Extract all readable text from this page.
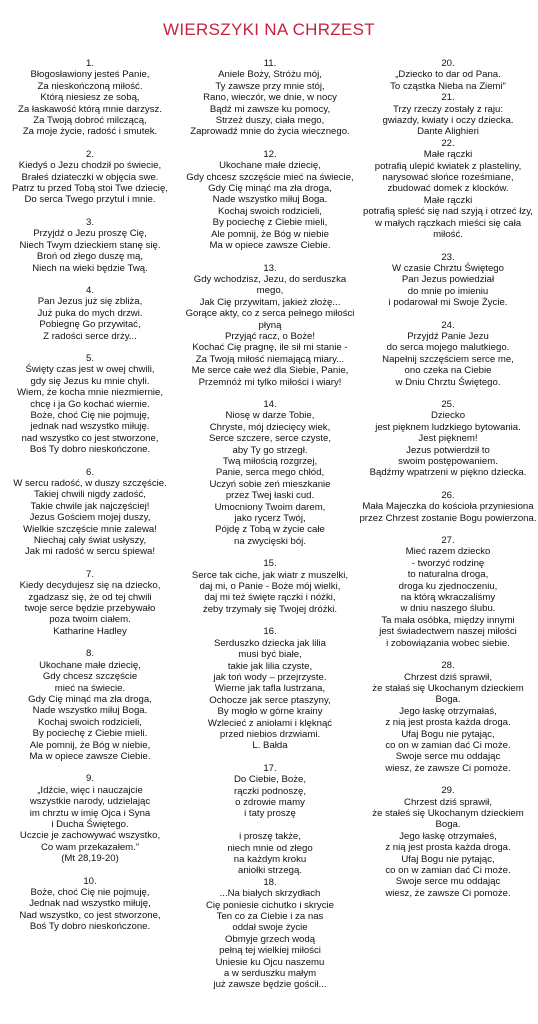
WIERSZYKI NA CHRZEST
1.
Błogosławiony jesteś Panie,
Za nieskończoną miłość.
Którą niesiesz ze sobą,
Za łaskawość którą mnie darzysz.
Za Twoją dobroć milczącą,
Za moje życie, radość i smutek.
2.
Kiedyś o Jezu chodził po świecie,
Brałeś dziateczki w objęcia swe.
Patrz tu przed Tobą stoi Twe dziecię,
Do serca Twego przytul i mnie.
3.
Przyjdź o Jezu proszę Cię,
Niech Twym dzieckiem stanę się.
Broń od złego duszę mą,
Niech na wieki będzie Twą.
4.
Pan Jezus już się zbliża,
Już puka do mych drzwi.
Pobiegnę Go przywitać,
Z radości serce drży...
5.
Święty czas jest w owej chwili,
gdy się Jezus ku mnie chyli.
Wiem, że kocha mnie niezmiernie,
chcę i ja Go kochać wiernie.
Boże, choć Cię nie pojmuję,
jednak nad wszystko miłuję.
nad wszystko co jest stworzone,
Boś Ty dobro nieskończone.
6.
W sercu radość, w duszy szczęście.
Takiej chwili nigdy zadość,
Takie chwile jak najczęściej!
Jezus Gościem mojej duszy,
Wielkie szczęście mnie zalewa!
Niechaj cały świat usłyszy,
Jak mi radość w sercu śpiewa!
7.
Kiedy decydujesz się na dziecko,
zgadzasz się, że od tej chwili
twoje serce będzie przebywało
poza twoim ciałem.
Katharine Hadley
8.
Ukochane małe dziecię,
Gdy chcesz szczęście
mieć na świecie.
Gdy Cię minąć ma zła droga,
Nade wszystko miłuj Boga.
Kochaj swoich rodzicieli,
By pociechę z Ciebie mieli.
Ale pomnij, że Bóg w niebie,
Ma w opiece zawsze Ciebie.
9.
„Idźcie, więc i nauczajcie
wszystkie narody, udzielając
im chrztu w imię Ojca i Syna
i Ducha Świętego.
Uczcie je zachowywać wszystko,
Co wam przekazałem.”
(Mt 28,19-20)
10.
Boże, choć Cię nie pojmuję,
Jednak nad wszystko miłuję,
Nad wszystko, co jest stworzone,
Boś Ty dobro nieskończone.
11.
Aniele Boży, Stróżu mój,
Ty zawsze przy mnie stój,
Rano, wieczór, we dnie, w nocy
Bądź mi zawsze ku pomocy,
Strzeż duszy, ciała mego,
Zaprowadź mnie do życia wiecznego.
12.
Ukochane małe dziecię,
Gdy chcesz szczęście mieć na świecie,
Gdy Cię minąć ma zła droga,
Nade wszystko miłuj Boga.
Kochaj swoich rodzicieli,
By pociechę z Ciebie mieli,
Ale pomnij, że Bóg w niebie
Ma w opiece zawsze Ciebie.
13.
Gdy wchodzisz, Jezu, do serduszka mego,
Jak Cię przywitam, jakież złożę...
Gorące akty, co z serca pełnego miłości płyną
Przyjąć racz, o Boże!
Kochać Cię pragnę, ile sił mi stanie -
Za Twoją miłość niemającą miary...
Me serce całe weź dla Siebie, Panie,
Przemnóż mi tylko miłości i wiary!
14.
Niosę w darze Tobie,
Chryste, mój dziecięcy wiek,
Serce szczere, serce czyste,
aby Ty go strzegł.
Twą miłością rozgrzej,
Panie, serca mego chłód,
Uczyń sobie zeń mieszkanie
przez Twej łaski cud.
Umocniony Twoim darem,
jako rycerz Twój,
Pójdę z Tobą w życie całe
na zwycięski bój.
15.
Serce tak ciche, jak wiatr z muszelki,
daj mi, o Panie - Boże mój wielki,
daj mi też święte rączki i nóżki,
żeby trzymały się Twojej dróżki.
16.
Serduszko dziecka jak lilia
musi być białe,
takie jak lilia czyste,
jak toń wody – przejrzyste.
Wierne jak tafla lustrzana,
Ochocze jak serce ptaszyny,
By mogło w górne krainy
Wzlecieć z aniołami i klęknąć
przed niebios drzwiami.
L. Bałda
17.
Do Ciebie, Boże,
rączki podnoszę,
o zdrowie mamy
i taty proszę

i proszę także,
niech mnie od złego
na każdym kroku
aniołki strzegą.
18.
...Na białych skrzydłach
Cię poniesie cichutko i skrycie
Ten co za Ciebie i za nas
oddał swoje życie
Obmyje grzech wodą
pełną tej wielkiej miłości
Uniesie ku Ojcu naszemu
a w serduszku małym
już zawsze będzie gościł...
20.
„Dziecko to dar od Pana.
To cząstka Nieba na Ziemi”
21.
Trzy rzeczy zostały z raju:
gwiazdy, kwiaty i oczy dziecka.
Dante Alighieri
22.
Małe rączki
potrafią ulepić kwiatek z plasteliny,
narysować słońce roześmiane,
zbudować domek z klocków.
Małe rączki
potrafią spleść się nad szyją i otrzeć łzy,
w małych rączkach mieści się cała miłość.
23.
W czasie Chrztu Świętego
Pan Jezus powiedział
do mnie po imieniu
i podarował mi Swoje Życie.
24.
Przyjdź Panie Jezu
do serca mojego malutkiego.
Napełnij szczęściem serce me,
ono czeka na Ciebie
w Dniu Chrztu Świętego.
25.
Dziecko
jest pięknem ludzkiego bytowania.
Jest pięknem!
Jezus potwierdził to
swoim postępowaniem.
Bądźmy wpatrzeni w piękno dziecka.
26.
Mała Majeczka do kościoła przyniesiona
przez Chrzest zostanie Bogu powierzona.
27.
Mieć razem dziecko
- tworzyć rodzinę
to naturalna droga,
droga ku zjednoczeniu,
na którą wkraczaliśmy
w dniu naszego ślubu.
Ta mała osóbka, między innymi
jest świadectwem naszej miłości
i zobowiązania wobec siebie.
28.
Chrzest dziś sprawił,
że stałaś się Ukochanym dzieckiem Boga.
Jego łaskę otrzymałaś,
z nią jest prosta każda droga.
Ufaj Bogu nie pytając,
co on w zamian dać Ci może.
Swoje serce mu oddając
wiesz, że zawsze Ci pomoże.
29.
Chrzest dziś sprawił,
że stałeś się Ukochanym dzieckiem Boga.
Jego łaskę otrzymałeś,
z nią jest prosta każda droga.
Ufaj Bogu nie pytając,
co on w zamian dać Ci może.
Swoje serce mu oddając
wiesz, że zawsze Ci pomoże.
